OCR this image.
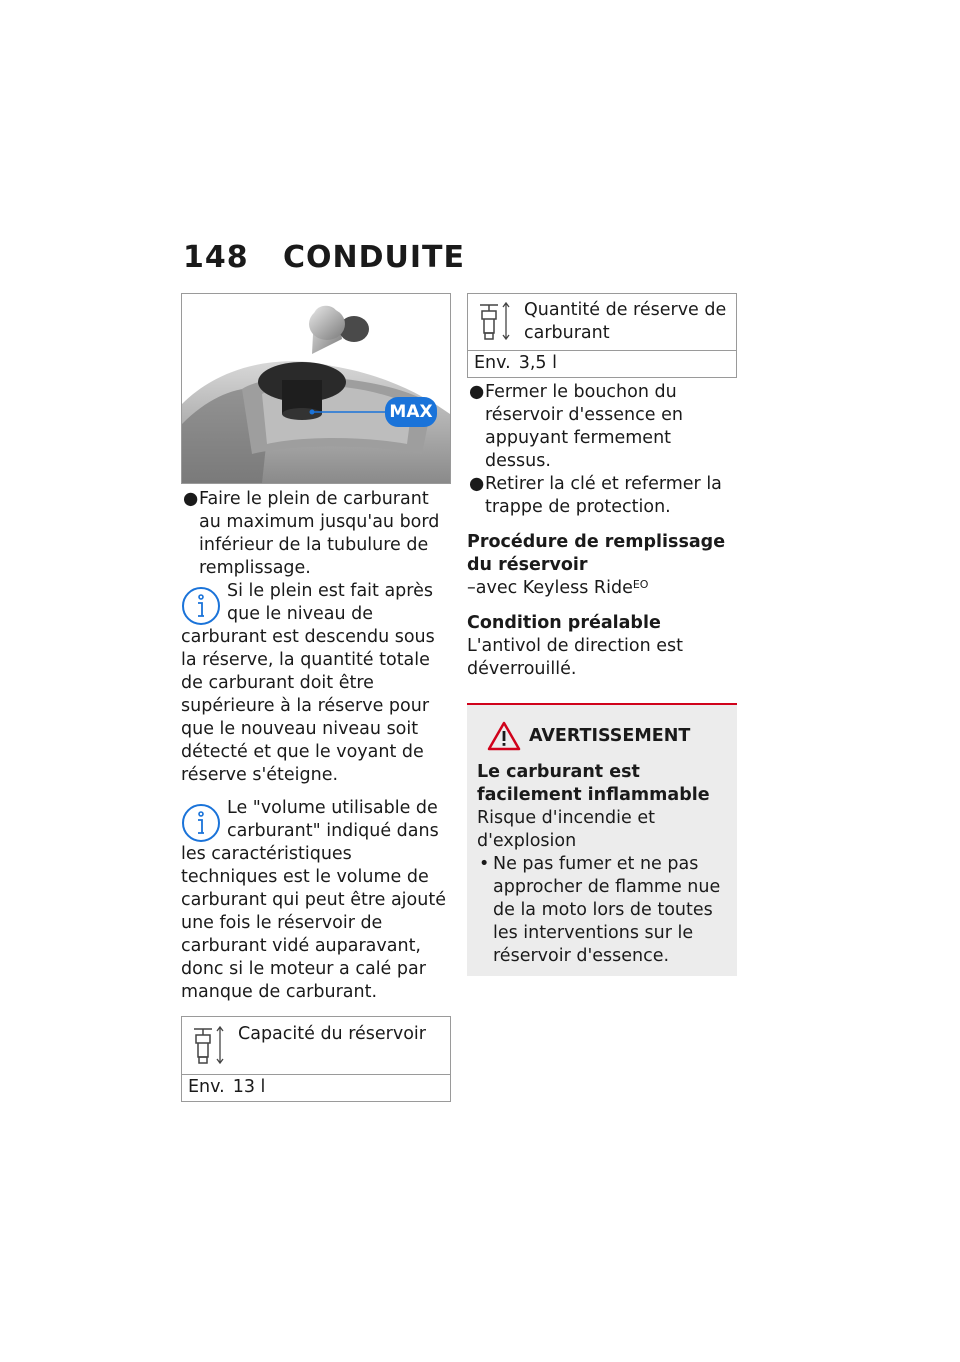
148 CONDUITE
MAX

● Faire le plein de carburant au maximum jusqu'au bord inférieur de la tubulure de remplissage.

Si le plein est fait après que le niveau de carburant est descendu sous la réserve, la quantité totale de carburant doit être supérieure à la réserve pour que le nouveau niveau soit détecté et que le voyant de réserve s'éteigne.

Le "volume utilisable de carburant" indiqué dans les caractéristiques techniques est le volume de carburant qui peut être ajouté une fois le réservoir de carburant vidé auparavant, donc si le moteur a calé par manque de carburant.

Capacité du réservoir
Env. 13 l
Quantité de réserve de carburant
Env. 3,5 l

● Fermer le bouchon du réservoir d'essence en appuyant fermement dessus.

● Retirer la clé et refermer la trappe de protection.

Procédure de remplissage du réservoir

–avec Keyless Ride$^{EO}$

Condition préalable

L'antivol de direction est déverrouillé.

AVERTISSEMENT

Le carburant est facilement inflammable

Risque d'incendie et d'explosion

• Ne pas fumer et ne pas approcher de flamme nue de la moto lors de toutes les interventions sur le réservoir d'essence.
